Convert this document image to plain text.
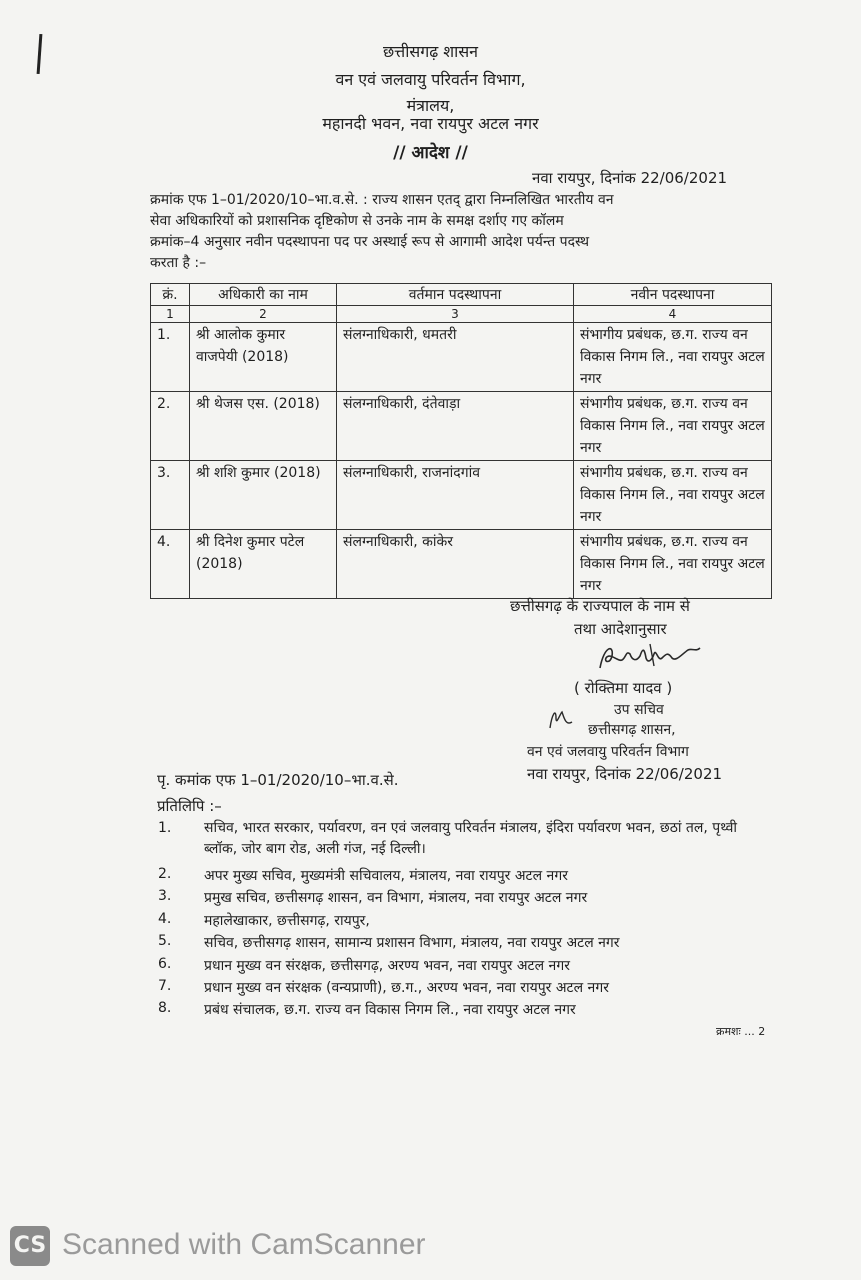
छत्तीसगढ़ शासन
वन एवं जलवायु परिवर्तन विभाग,
मंत्रालय,
महानदी भवन, नवा रायपुर अटल नगर
// आदेश //
नवा रायपुर, दिनांक 22/06/2021
क्रमांक एफ 1–01/2020/10–भा.व.से. : राज्य शासन एतद् द्वारा निम्नलिखित भारतीय वन
सेवा अधिकारियों को प्रशासनिक दृष्टिकोण से उनके नाम के समक्ष दर्शाए गए कॉलम
क्रमांक–4 अनुसार नवीन पदस्थापना पद पर अस्थाई रूप से आगामी आदेश पर्यन्त पदस्थ
करता है :–
क्रं.	अधिकारी का नाम	वर्तमान पदस्थापना	नवीन पदस्थापना
1	2	3	4
1.	श्री आलोक कुमार वाजपेयी (2018)	संलग्नाधिकारी, धमतरी	संभागीय प्रबंधक, छ.ग. राज्य वन विकास निगम लि., नवा रायपुर अटल नगर
2.	श्री थेजस एस. (2018)	संलग्नाधिकारी, दंतेवाड़ा	संभागीय प्रबंधक, छ.ग. राज्य वन विकास निगम लि., नवा रायपुर अटल नगर
3.	श्री शशि कुमार (2018)	संलग्नाधिकारी, राजनांदगांव	संभागीय प्रबंधक, छ.ग. राज्य वन विकास निगम लि., नवा रायपुर अटल नगर
4.	श्री दिनेश कुमार पटेल (2018)	संलग्नाधिकारी, कांकेर	संभागीय प्रबंधक, छ.ग. राज्य वन विकास निगम लि., नवा रायपुर अटल नगर
छत्तीसगढ़ के राज्यपाल के नाम से
तथा आदेशानुसार
( रोक्तिमा यादव )
उप सचिव
छत्तीसगढ़ शासन,
वन एवं जलवायु परिवर्तन विभाग
पृ. कमांक एफ 1–01/2020/10–भा.व.से.	नवा रायपुर, दिनांक 22/06/2021
प्रतिलिपि :–
1. सचिव, भारत सरकार, पर्यावरण, वन एवं जलवायु परिवर्तन मंत्रालय, इंदिरा पर्यावरण भवन, छठां तल, पृथ्वी ब्लॉक, जोर बाग रोड, अली गंज, नई दिल्ली।
2. अपर मुख्य सचिव, मुख्यमंत्री सचिवालय, मंत्रालय, नवा रायपुर अटल नगर
3. प्रमुख सचिव, छत्तीसगढ़ शासन, वन विभाग, मंत्रालय, नवा रायपुर अटल नगर
4. महालेखाकार, छत्तीसगढ़, रायपुर,
5. सचिव, छत्तीसगढ़ शासन, सामान्य प्रशासन विभाग, मंत्रालय, नवा रायपुर अटल नगर
6. प्रधान मुख्य वन संरक्षक, छत्तीसगढ़, अरण्य भवन, नवा रायपुर अटल नगर
7. प्रधान मुख्य वन संरक्षक (वन्यप्राणी), छ.ग., अरण्य भवन, नवा रायपुर अटल नगर
8. प्रबंध संचालक, छ.ग. राज्य वन विकास निगम लि., नवा रायपुर अटल नगर
क्रमशः ... 2
CS Scanned with CamScanner
